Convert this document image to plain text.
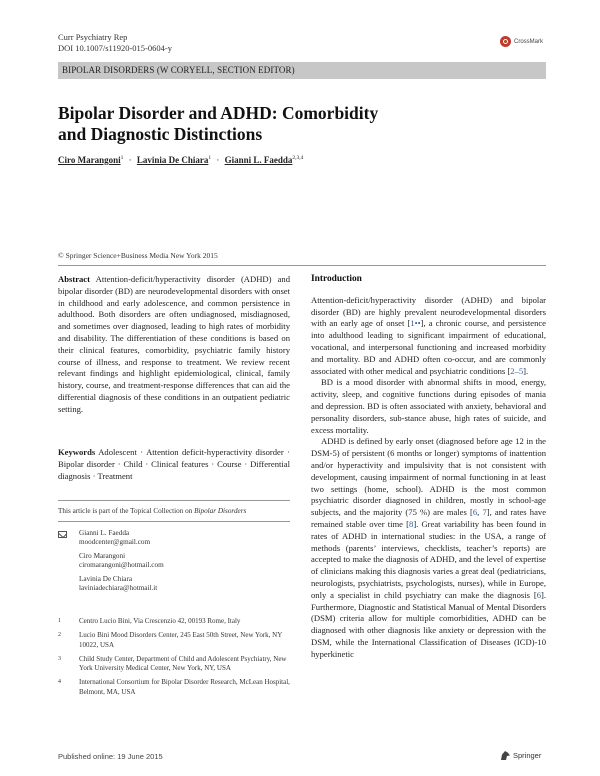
Curr Psychiatry Rep
DOI 10.1007/s11920-015-0604-y
CrossMark
BIPOLAR DISORDERS (W CORYELL, SECTION EDITOR)
Bipolar Disorder and ADHD: Comorbidity
and Diagnostic Distinctions
Ciro Marangoni$^1$ · Lavinia De Chiara$^1$ · Gianni L. Faedda$^{2,3,4}$
© Springer Science+Business Media New York 2015
Abstract Attention-deficit/hyperactivity disorder (ADHD) and bipolar disorder (BD) are neurodevelopmental disorders with onset in childhood and early adolescence, and common persistence in adulthood. Both disorders are often undiagnosed, misdiagnosed, and sometimes over diagnosed, leading to high rates of morbidity and disability. The differentiation of these conditions is based on their clinical features, comorbidity, psychiatric family history course of illness, and response to treatment. We review recent relevant findings and highlight epidemiological, clinical, family history, course, and treatment-response differences that can aid the differential diagnosis of these conditions in an outpatient pediatric setting.
Keywords Adolescent · Attention deficit-hyperactivity disorder · Bipolar disorder · Child · Clinical features · Course · Differential diagnosis · Treatment
This article is part of the Topical Collection on Bipolar Disorders
Gianni L. Faedda
moodcenter@gmail.com
Ciro Marangoni
ciromarangoni@hotmail.com
Lavinia De Chiara
laviniadechiara@hotmail.it
1	Centro Lucio Bini, Via Crescenzio 42, 00193 Rome, Italy
2	Lucio Bini Mood Disorders Center, 245 East 50th Street, New York, NY 10022, USA
3	Child Study Center, Department of Child and Adolescent Psychiatry, New York University Medical Center, New York, NY, USA
4	International Consortium for Bipolar Disorder Research, McLean Hospital, Belmont, MA, USA
Published online: 19 June 2015	Springer
Introduction

Attention-deficit/hyperactivity disorder (ADHD) and bipolar disorder (BD) are highly prevalent neurodevelopmental disorders with an early age of onset [1••], a chronic course, and persistence into adulthood leading to significant impairment of educational, vocational, and interpersonal functioning and increased morbidity and mortality. BD and ADHD often co-occur, and are commonly associated with other medical and psychiatric conditions [2–5].

BD is a mood disorder with abnormal shifts in mood, energy, activity, sleep, and cognitive functions during episodes of mania and depression. BD is often associated with anxiety, behavioral and personality disorders, sub-stance abuse, high rates of suicide, and excess mortality.

ADHD is defined by early onset (diagnosed before age 12 in the DSM-5) of persistent (6 months or longer) symptoms of inattention and/or hyperactivity and impulsivity that is not consistent with development, causing impairment of normal functioning in at least two settings (home, school). ADHD is the most common psychiatric disorder diagnosed in children, mostly in school-age subjects, and the majority (75 %) are males [6, 7], and rates have remained stable over time [8]. Great variability has been found in rates of ADHD in international studies: in the USA, a range of methods (parents’ interviews, checklists, teacher’s reports) are accepted to make the diagnosis of ADHD, and the level of expertise of clinicians making this diagnosis varies a great deal (pediatricians, neurologists, psychiatrists, psychologists, nurses), while in Europe, only a specialist in child psychiatry can make the diagnosis [6]. Furthermore, Diagnostic and Statistical Manual of Mental Disorders (DSM) criteria allow for multiple comorbidities, ADHD can be diagnosed with other diagnosis like anxiety or depression with the DSM, while the International Classification of Diseases (ICD)-10 hyperkinetic
